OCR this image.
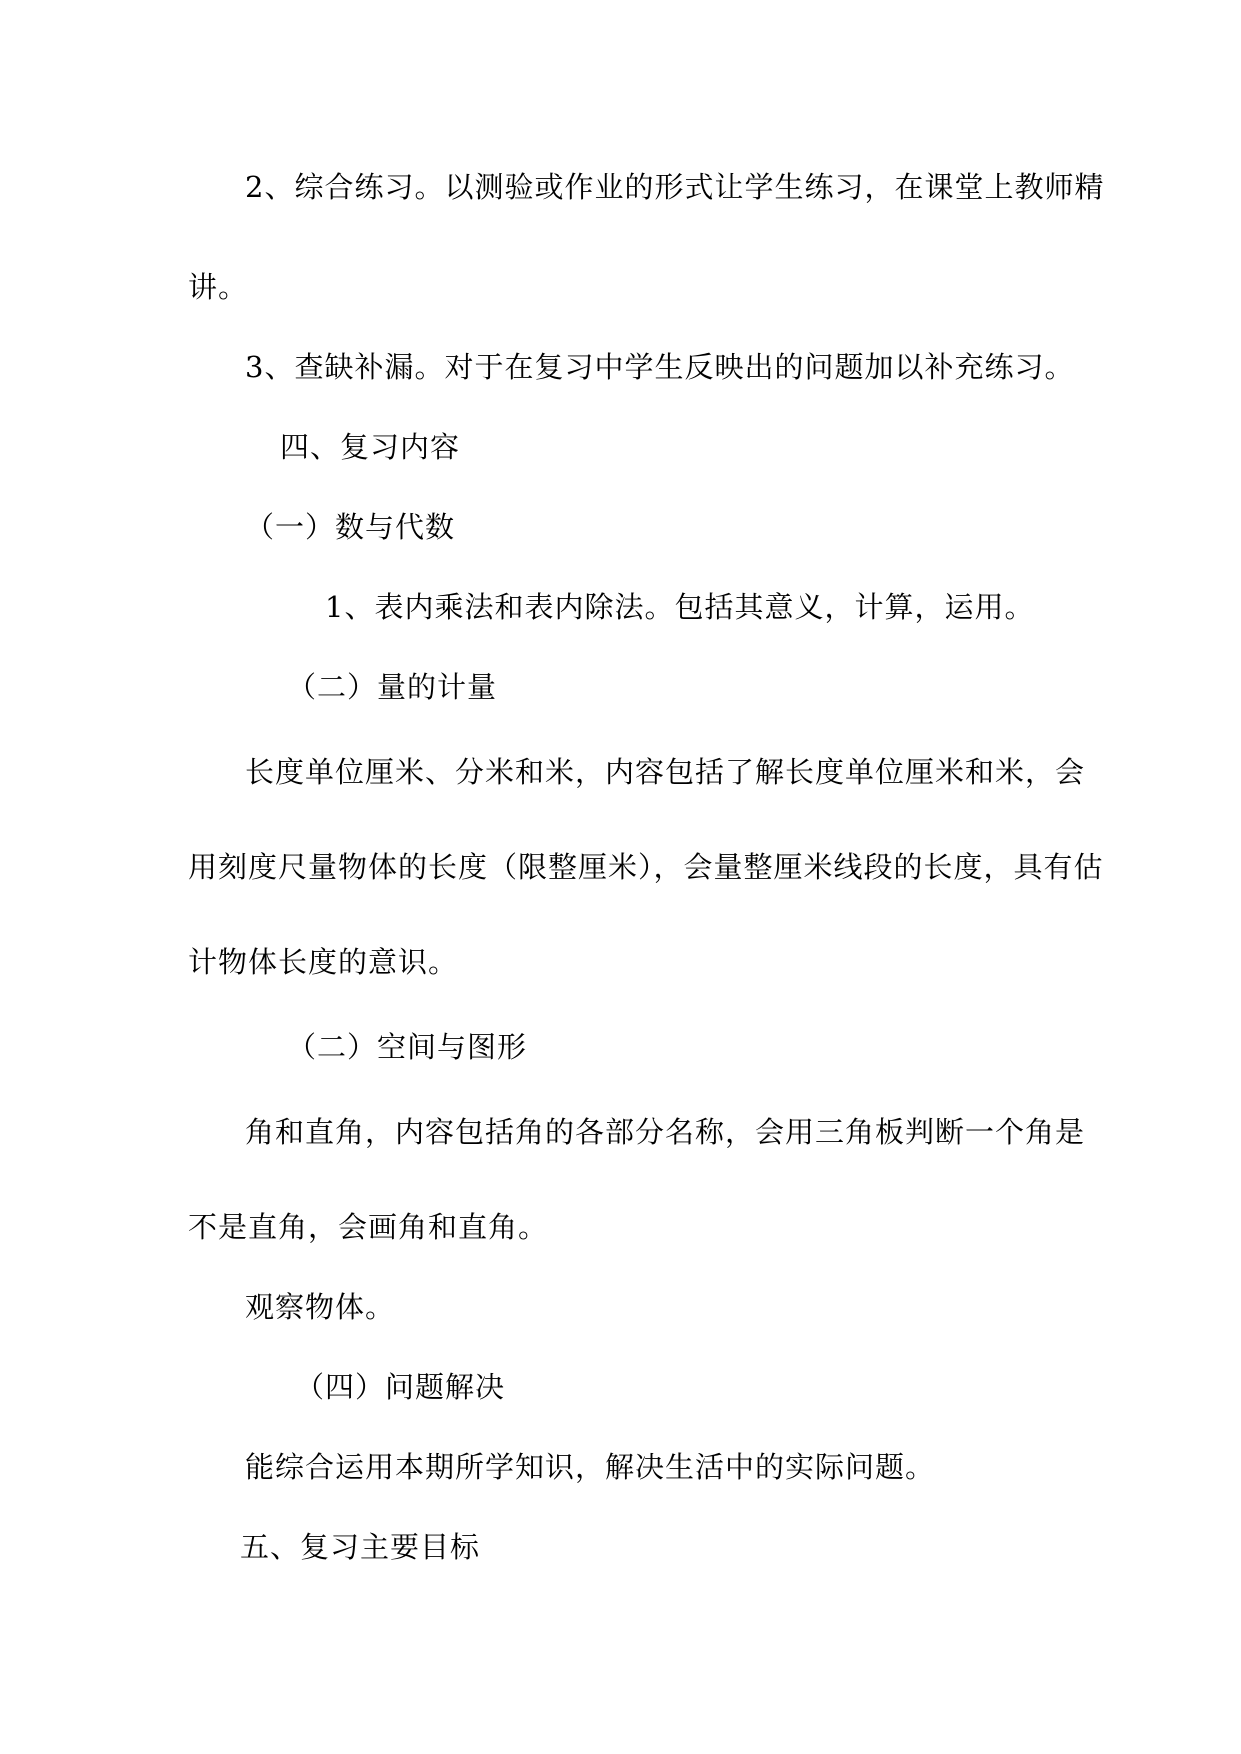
2、综合练习。以测验或作业的形式让学生练习，在课堂上教师精
讲。
3、查缺补漏。对于在复习中学生反映出的问题加以补充练习。
四、复习内容
（一）数与代数
1、表内乘法和表内除法。包括其意义，计算，运用。
（二）量的计量
长度单位厘米、分米和米，内容包括了解长度单位厘米和米，会
用刻度尺量物体的长度（限整厘米），会量整厘米线段的长度，具有估
计物体长度的意识。
（二）空间与图形
角和直角，内容包括角的各部分名称，会用三角板判断一个角是
不是直角，会画角和直角。
观察物体。
（四）问题解决
能综合运用本期所学知识，解决生活中的实际问题。
五、复习主要目标
